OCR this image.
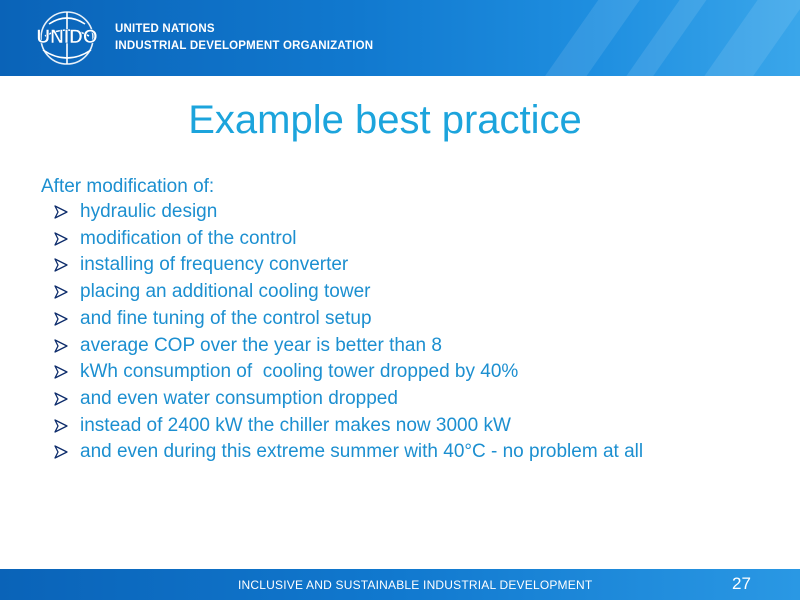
UNIDO UNITED NATIONS
INDUSTRIAL DEVELOPMENT ORGANIZATION
Example best practice
After modification of:
hydraulic design
modification of the control
installing of frequency converter
placing an additional cooling tower
and fine tuning of the control setup
average COP over the year is better than 8
kWh consumption of  cooling tower dropped by 40%
and even water consumption dropped
instead of 2400 kW the chiller makes now 3000 kW
and even during this extreme summer with 40°C - no problem at all
INCLUSIVE AND SUSTAINABLE INDUSTRIAL DEVELOPMENT	27
